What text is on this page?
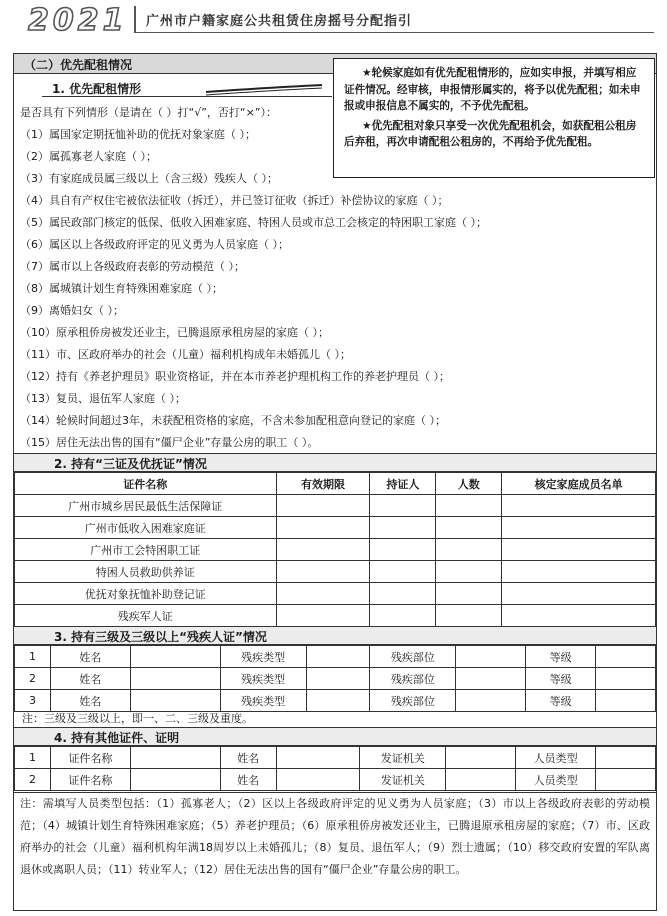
2021 广州市户籍家庭公共租赁住房摇号分配指引
（二）优先配租情况
1. 优先配租情形
是否具有下列情形（是请在（ ）打“√”，否打“×”）：
（1）属国家定期抚恤补助的优抚对象家庭（ ）；
（2）属孤寡老人家庭（ ）；
（3）有家庭成员属三级以上（含三级）残疾人（ ）；
（4）具自有产权住宅被依法征收（拆迁），并已签订征收（拆迁）补偿协议的家庭（ ）；
（5）属民政部门核定的低保、低收入困难家庭、特困人员或市总工会核定的特困职工家庭（ ）；
（6）属区以上各级政府评定的见义勇为人员家庭（ ）；
（7）属市以上各级政府表彰的劳动模范（ ）；
（8）属城镇计划生育特殊困难家庭（ ）；
（9）离婚妇女（ ）；
（10）原承租侨房被发还业主，已腾退原承租房屋的家庭（ ）；
（11）市、区政府举办的社会（儿童）福利机构成年未婚孤儿（ ）；
（12）持有《养老护理员》职业资格证，并在本市养老护理机构工作的养老护理员（ ）；
（13）复员、退伍军人家庭（ ）；
（14）轮候时间超过3年，未获配租资格的家庭，不含未参加配租意向登记的家庭（ ）；
（15）居住无法出售的国有“僵尸企业”存量公房的职工（ ）。

★轮候家庭如有优先配租情形的，应如实申报，并填写相应证件情况。经审核，申报情形属实的，将予以优先配租；如未申报或申报信息不属实的，不予优先配租。

★优先配租对象只享受一次优先配租机会，如获配租公租房后弃租，再次申请配租公租房的，不再给予优先配租。

2. 持有“三证及优抚证”情况
证件名称	有效期限	持证人	人数	核定家庭成员名单
广州市城乡居民最低生活保障证				
广州市低收入困难家庭证				
广州市工会特困职工证				
特困人员救助供养证				
优抚对象抚恤补助登记证				
残疾军人证				
3. 持有三级及三级以上“残疾人证”情况
1	姓名		残疾类型		残疾部位		等级	
2	姓名		残疾类型		残疾部位		等级	
3	姓名		残疾类型		残疾部位		等级	
注：三级及三级以上，即一、二、三级及重度。
4. 持有其他证件、证明
1	证件名称		姓名		发证机关		人员类型	
2	证件名称		姓名		发证机关		人员类型	
注：需填写人员类型包括：（1）孤寡老人；（2）区以上各级政府评定的见义勇为人员家庭；（3）市以上各级政府表彰的劳动模范；（4）城镇计划生育特殊困难家庭；（5）养老护理员；（6）原承租侨房被发还业主，已腾退原承租房屋的家庭；（7）市、区政府举办的社会（儿童）福利机构年满18周岁以上未婚孤儿；（8）复员、退伍军人；（9）烈士遗属；（10）移交政府安置的军队离退休或离职人员；（11）转业军人；（12）居住无法出售的国有“僵尸企业”存量公房的职工。
